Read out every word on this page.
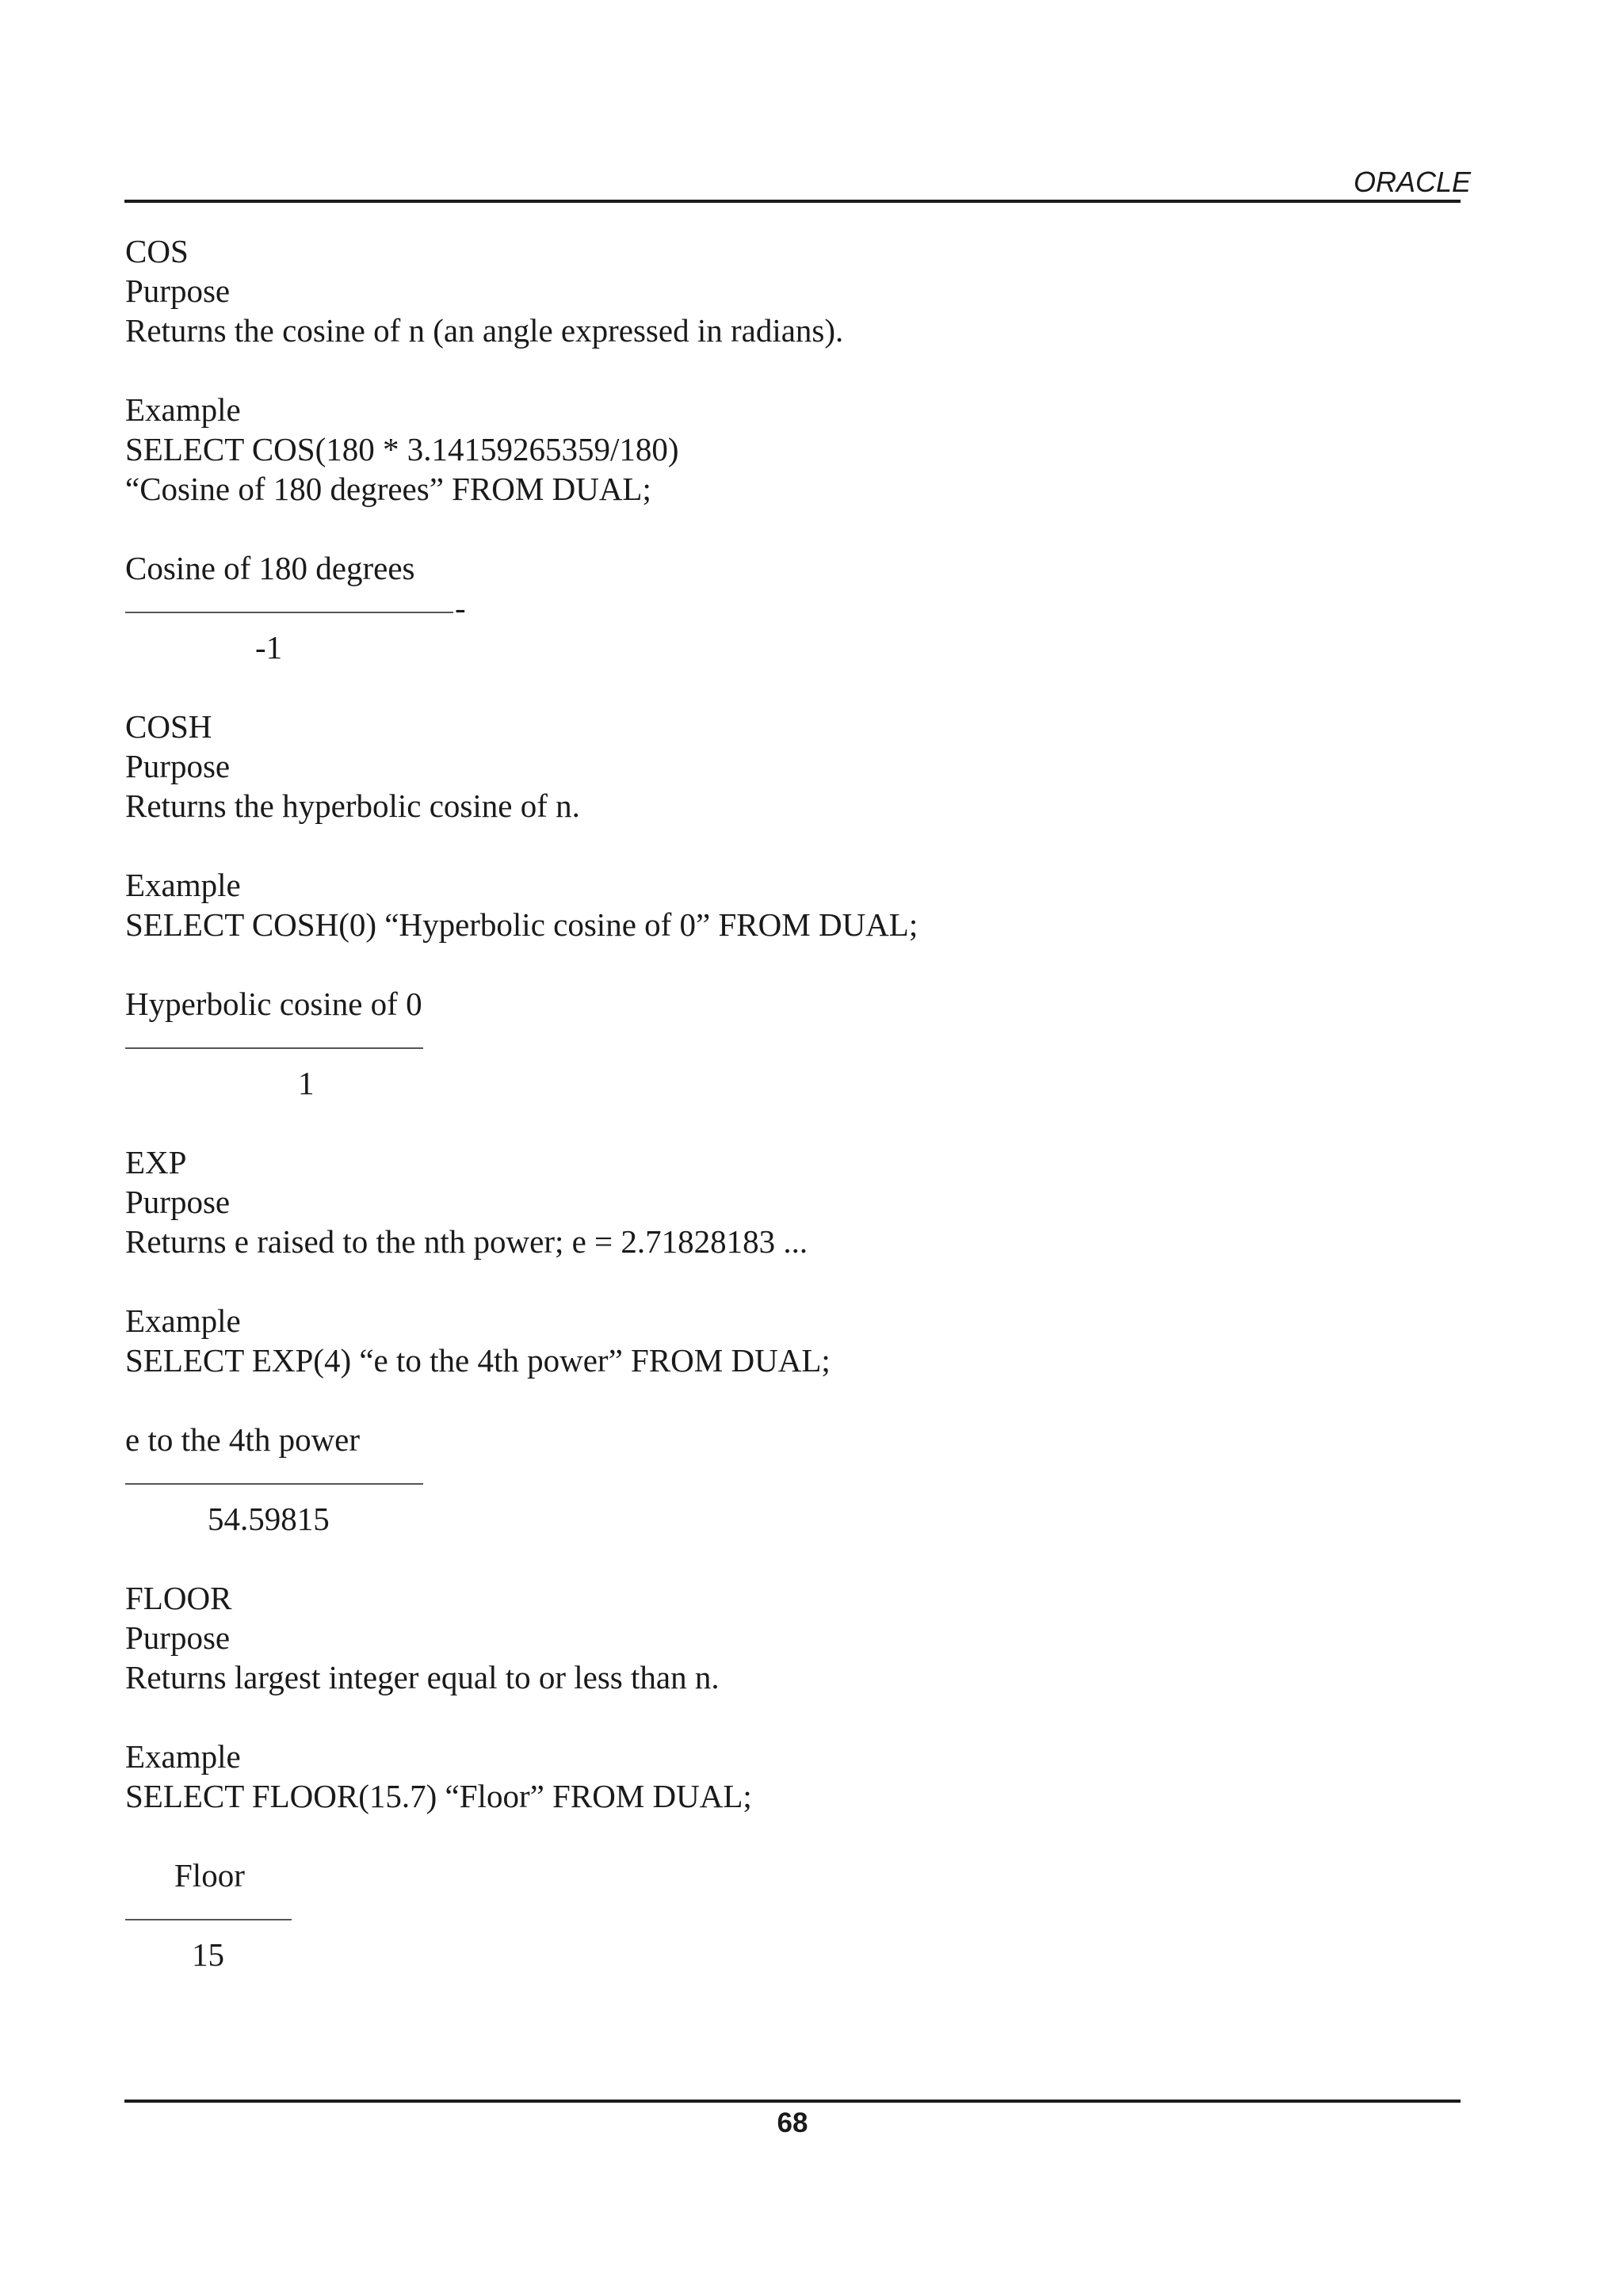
ORACLE
COS
Purpose
Returns the cosine of n (an angle expressed in radians).
Example
SELECT COS(180 * 3.14159265359/180)
“Cosine of 180 degrees” FROM DUAL;
Cosine of 180 degrees
-
-1
COSH
Purpose
Returns the hyperbolic cosine of n.
Example
SELECT COSH(0) “Hyperbolic cosine of 0” FROM DUAL;
Hyperbolic cosine of 0
1
EXP
Purpose
Returns e raised to the nth power; e = 2.71828183 ...
Example
SELECT EXP(4) “e to the 4th power” FROM DUAL;
e to the 4th power
54.59815
FLOOR
Purpose
Returns largest integer equal to or less than n.
Example
SELECT FLOOR(15.7) “Floor” FROM DUAL;
Floor
15
68
